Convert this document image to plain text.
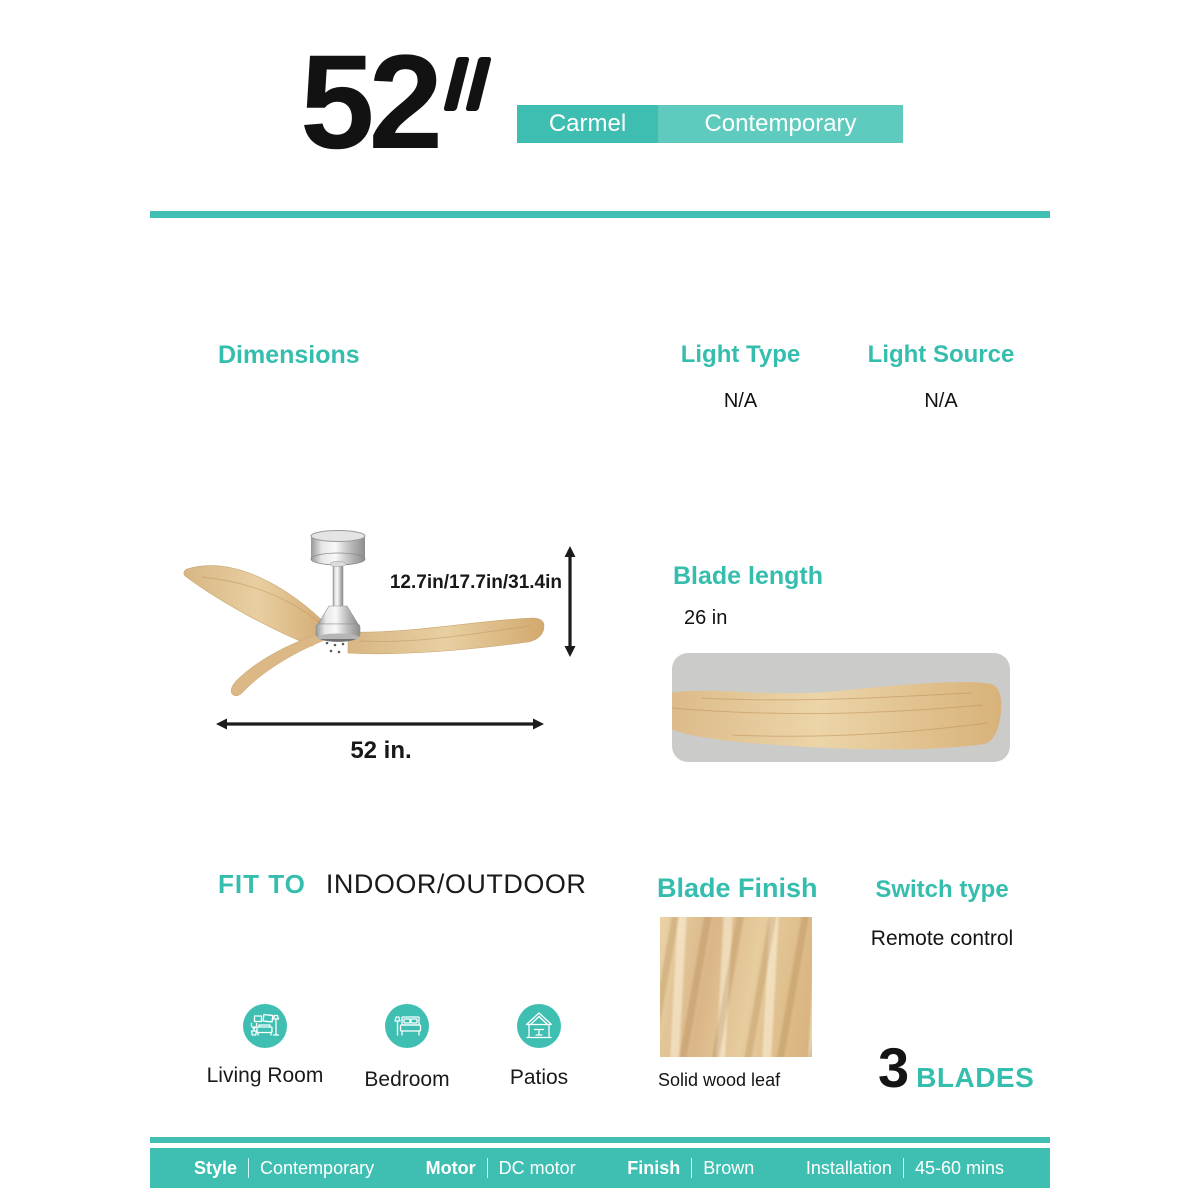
52	Carmel	Contemporary
Dimensions	Light Type
N/A
Light Source
N/A
12.7in/17.7in/31.4in
52 in.
Blade length
26 in
FIT TO INDOOR/OUTDOOR
Living Room	Bedroom	Patios
Blade Finish
Solid wood leaf
Switch type
Remote control
3 BLADES
Style Contemporary	Motor DC motor	Finish Brown	Installation 45-60 mins
